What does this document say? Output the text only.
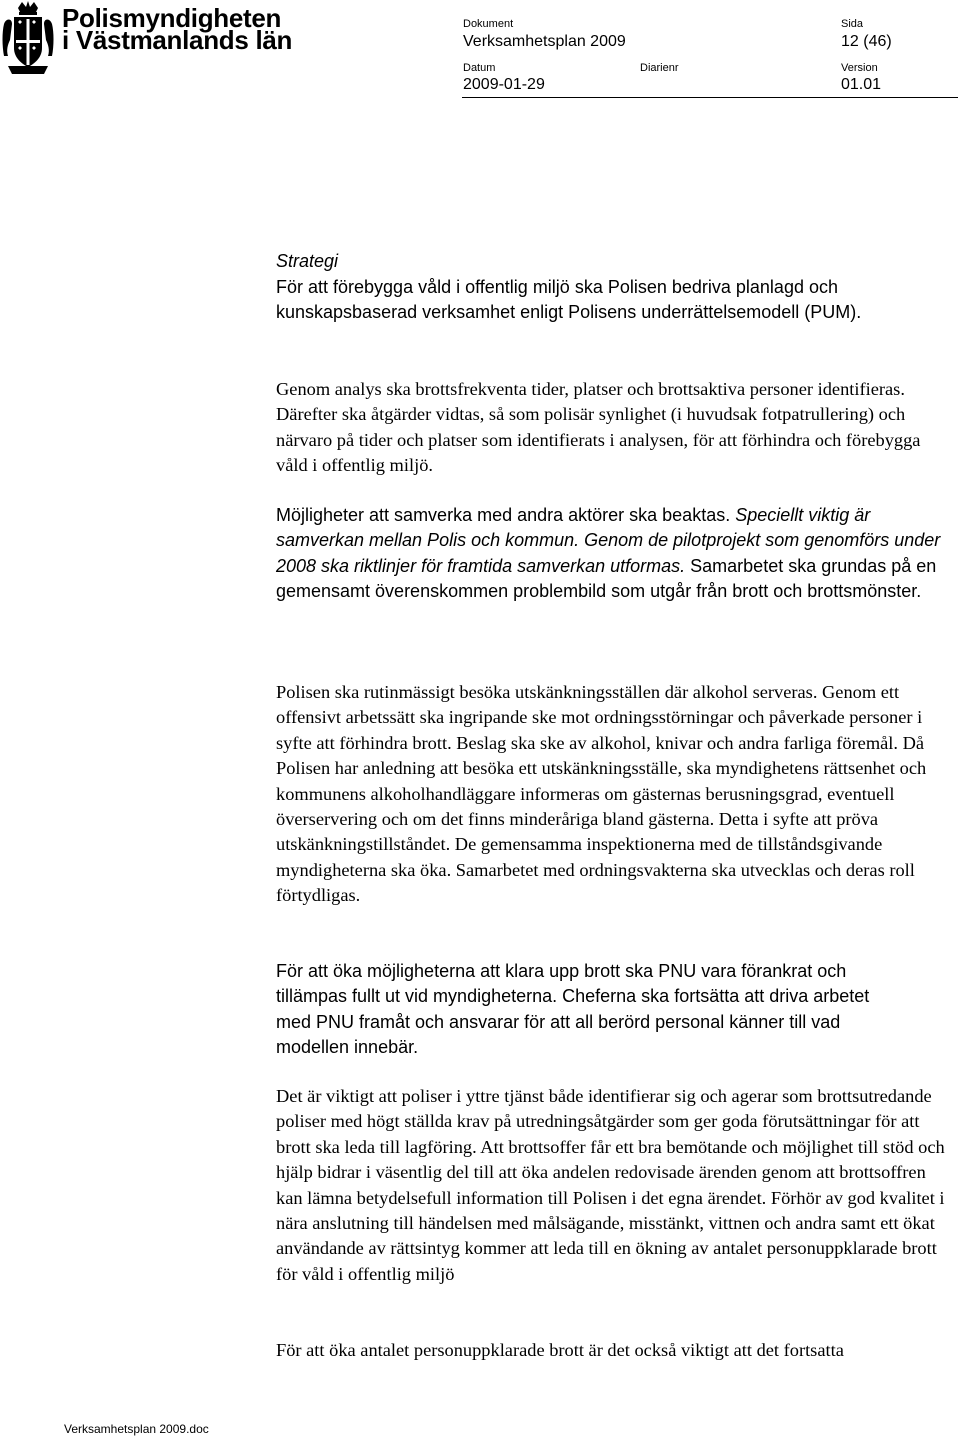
Polismyndigheten
i Västmanlands län
Dokument
Verksamhetsplan 2009
Sida
12 (46)
Datum
2009-01-29
Diarienr	Version
01.01
Strategi

För att förebygga våld i offentlig miljö ska Polisen bedriva planlagd och kunskapsbaserad verksamhet enligt Polisens underrättelsemodell (PUM).

Genom analys ska brottsfrekventa tider, platser och brottsaktiva personer identifieras. Därefter ska åtgärder vidtas, så som polisär synlighet (i huvudsak fotpatrullering) och närvaro på tider och platser som identifierats i analysen, för att förhindra och förebygga våld i offentlig miljö.

Möjligheter att samverka med andra aktörer ska beaktas. Speciellt viktig är samverkan mellan Polis och kommun. Genom de pilotprojekt som genomförs under 2008 ska riktlinjer för framtida samverkan utformas. Samarbetet ska grundas på en gemensamt överenskommen problembild som utgår från brott och brottsmönster.

Polisen ska rutinmässigt besöka utskänkningsställen där alkohol serveras. Genom ett offensivt arbetssätt ska ingripande ske mot ordningsstörningar och påverkade personer i syfte att förhindra brott. Beslag ska ske av alkohol, knivar och andra farliga föremål. Då Polisen har anledning att besöka ett utskänkningsställe, ska myndighetens rättsenhet och kommunens alkoholhandläggare informeras om gästernas berusningsgrad, eventuell överservering och om det finns minderåriga bland gästerna. Detta i syfte att pröva utskänkningstillståndet. De gemensamma inspektionerna med de tillståndsgivande myndigheterna ska öka. Samarbetet med ordningsvakterna ska utvecklas och deras roll förtydligas.

För att öka möjligheterna att klara upp brott ska PNU vara förankrat och tillämpas fullt ut vid myndigheterna. Cheferna ska fortsätta att driva arbetet med PNU framåt och ansvarar för att all berörd personal känner till vad modellen innebär.

Det är viktigt att poliser i yttre tjänst både identifierar sig och agerar som brottsutredande poliser med högt ställda krav på utredningsåtgärder som ger goda förutsättningar för att brott ska leda till lagföring. Att brottsoffer får ett bra bemötande och möjlighet till stöd och hjälp bidrar i väsentlig del till att öka andelen redovisade ärenden genom att brottsoffren kan lämna betydelsefull information till Polisen i det egna ärendet. Förhör av god kvalitet i nära anslutning till händelsen med målsägande, misstänkt, vittnen och andra samt ett ökat användande av rättsintyg kommer att leda till en ökning av antalet personuppklarade brott för våld i offentlig miljö

För att öka antalet personuppklarade brott är det också viktigt att det fortsatta

Verksamhetsplan 2009.doc
